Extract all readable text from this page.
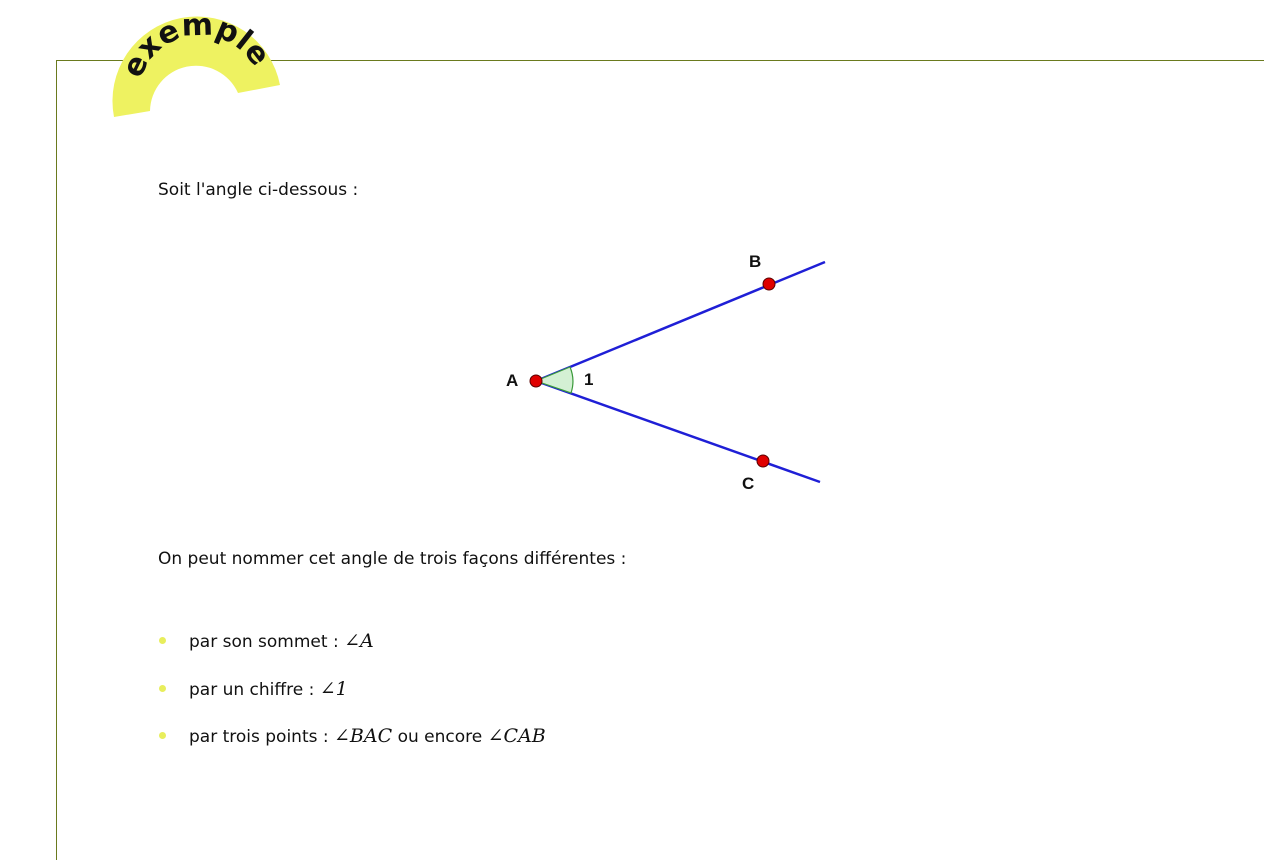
exemple

Soit l'angle ci-dessous :

A
B
C
1

On peut nommer cet angle de trois façons différentes :

par son sommet : ∠A
par un chiffre : ∠1
par trois points : ∠BAC ou encore ∠CAB
